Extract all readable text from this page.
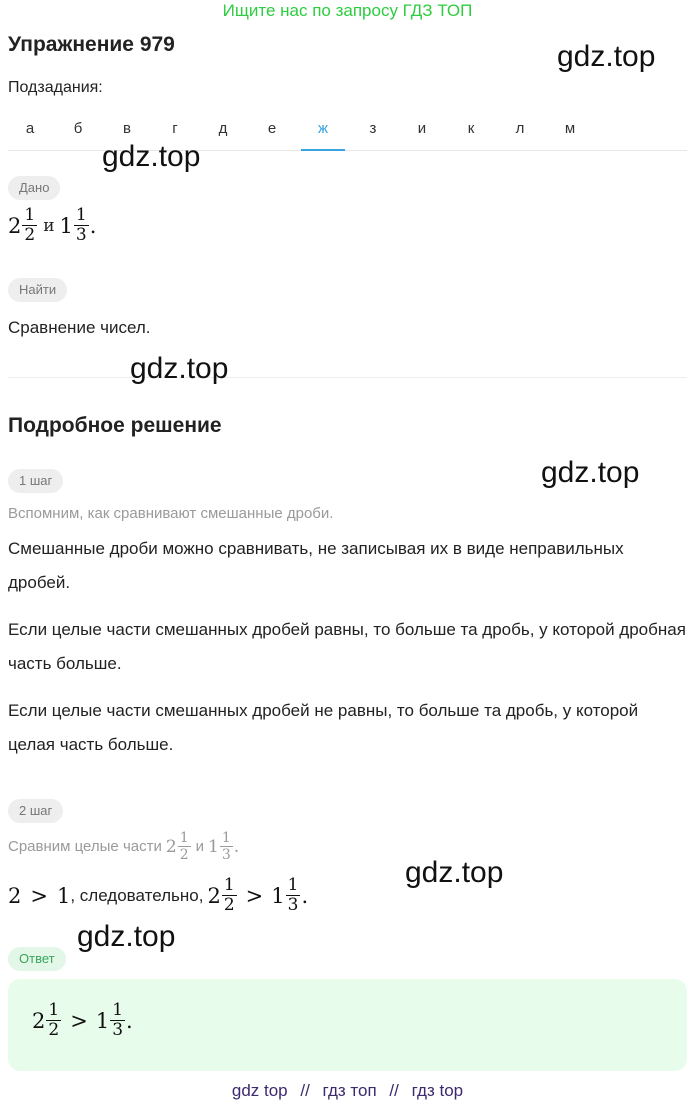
Ищите нас по запросу ГДЗ ТОП
Упражнение 979
Подзадания:
а	б	в	г	д	е	ж	з	и	к	л	м
Дано
$2 \frac{1}{2}$ и $1 \frac{1}{3}$ .
Найти
Сравнение чисел.
Подробное решение
1 шаг
Вспомним, как сравнивают смешанные дроби.
Смешанные дроби можно сравнивать, не записывая их в виде неправильных дробей.
Если целые части смешанных дробей равны, то больше та дробь, у которой дробная часть больше.
Если целые части смешанных дробей не равны, то больше та дробь, у которой целая часть больше.
2 шаг
Сравним целые части $2 \frac{1}{2}$ и $1 \frac{1}{3}$ .
2 > 1 , следовательно, $2 \frac{1}{2} > 1 \frac{1}{3}$ .
Ответ
$2 \frac{1}{2} > 1 \frac{1}{3}$ .
gdz.top
gdz.top
gdz.top
gdz.top
gdz.top
gdz.top
gdz top // гдз топ // гдз top
